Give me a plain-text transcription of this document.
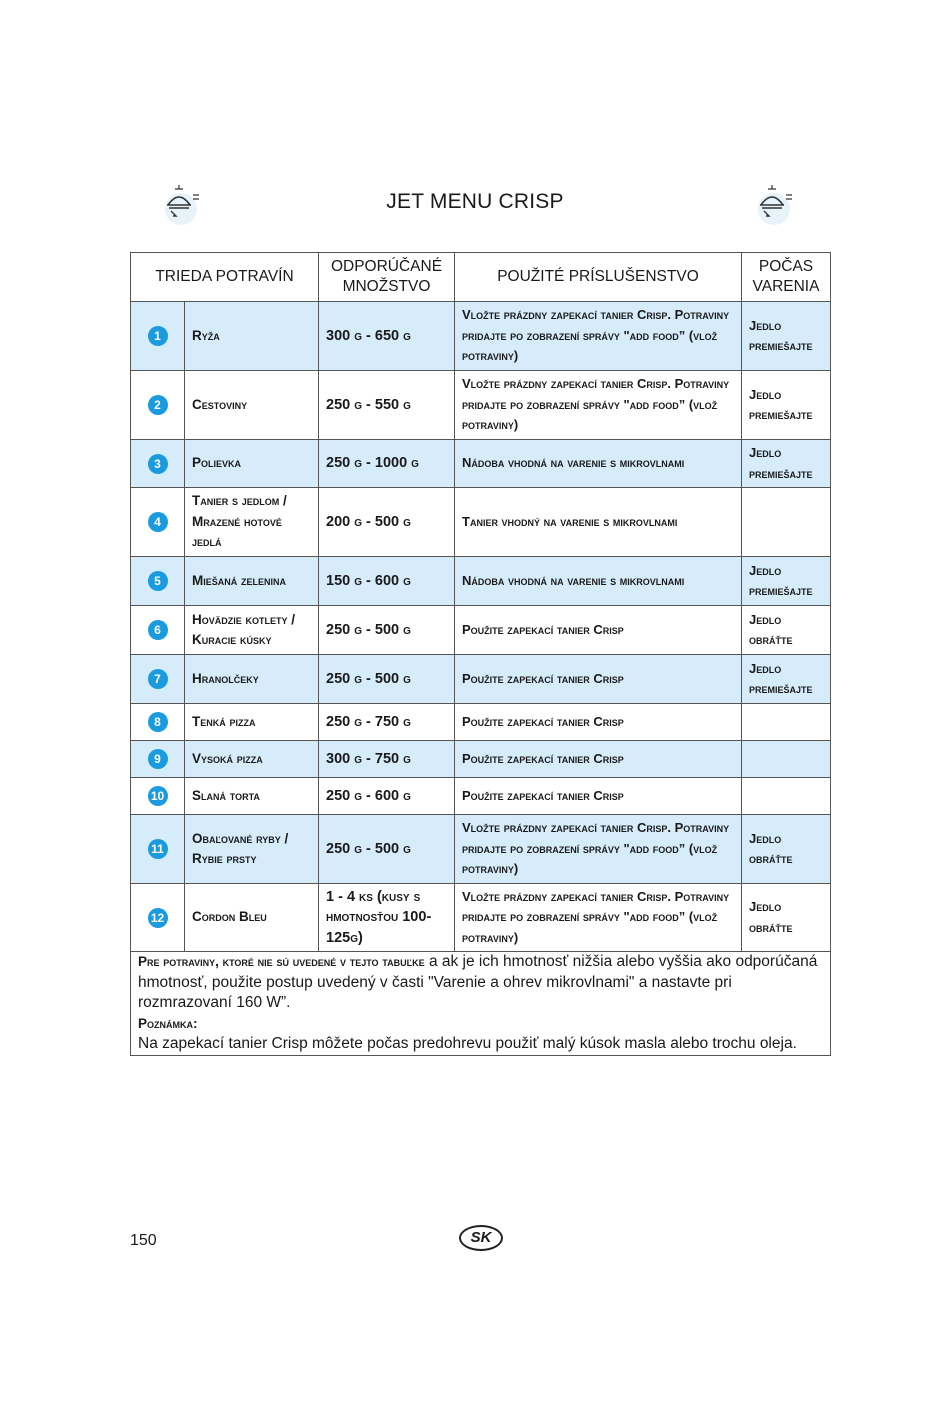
JET MENU CRISP
TRIEDA POTRAVÍN		ODPORÚČANÉ MNOŽSTVO	POUŽITÉ PRÍSLUŠENSTVO	POČAS VARENIA
1	Ryža	300 g - 650 g	Vložte prázdny zapekací tanier Crisp. Potraviny pridajte po zobrazení správy "add food” (vlož potraviny)	Jedlo premiešajte
2	Cestoviny	250 g - 550 g	Vložte prázdny zapekací tanier Crisp. Potraviny pridajte po zobrazení správy "add food” (vlož potraviny)	Jedlo premiešajte
3	Polievka	250 g - 1000 g	Nádoba vhodná na varenie s mikrovlnami	Jedlo premiešajte
4	Tanier s jedlom / Mrazené hotové jedlá	200 g - 500 g	Tanier vhodný na varenie s mikrovlnami	
5	Miešaná zelenina	150 g - 600 g	Nádoba vhodná na varenie s mikrovlnami	Jedlo premiešajte
6	Hovädzie kotlety / Kuracie kúsky	250 g - 500 g	Použite zapekací tanier Crisp	Jedlo obráťte
7	Hranolčeky	250 g - 500 g	Použite zapekací tanier Crisp	Jedlo premiešajte
8	Tenká pizza	250 g - 750 g	Použite zapekací tanier Crisp	
9	Vysoká pizza	300 g - 750 g	Použite zapekací tanier Crisp	
10	Slaná torta	250 g - 600 g	Použite zapekací tanier Crisp	
11	Obaľované ryby / Rybie prsty	250 g - 500 g	Vložte prázdny zapekací tanier Crisp. Potraviny pridajte po zobrazení správy "add food” (vlož potraviny)	Jedlo obráťte
12	Cordon Bleu	1 - 4 ks (kusy s hmotnosťou 100-125g)	Vložte prázdny zapekací tanier Crisp. Potraviny pridajte po zobrazení správy "add food” (vlož potraviny)	Jedlo obráťte
Pre potraviny, ktoré nie sú uvedené v tejto tabuľke a ak je ich hmotnosť nižšia alebo vyššia ako odporúčaná hmotnosť, použite postup uvedený v časti "Varenie a ohrev mikrovlnami" a nastavte pri rozmrazovaní 160 W”.
Poznámka:
Na zapekací tanier Crisp môžete počas predohrevu použiť malý kúsok masla alebo trochu oleja.				
150	SK
